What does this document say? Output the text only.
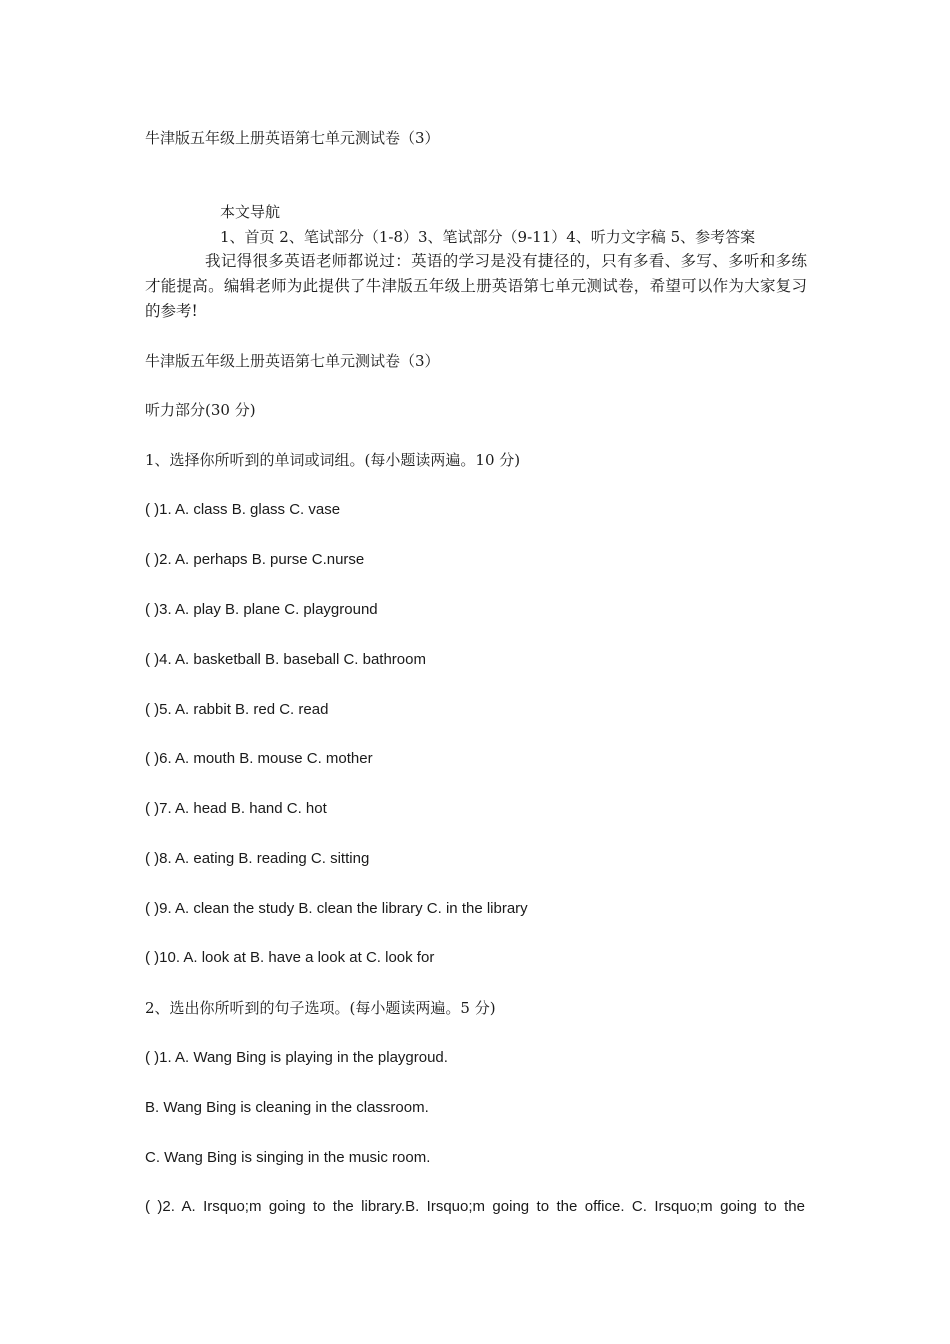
牛津版五年级上册英语第七单元测试卷（3）
本文导航
1、首页 2、笔试部分（1-8）3、笔试部分（9-11）4、听力文字稿 5、参考答案
我记得很多英语老师都说过：英语的学习是没有捷径的，只有多看、多写、多听和多练才能提高。编辑老师为此提供了牛津版五年级上册英语第七单元测试卷，希望可以作为大家复习的参考!
牛津版五年级上册英语第七单元测试卷（3）
听力部分(30 分)
1、选择你所听到的单词或词组。(每小题读两遍。10 分)
( )1. A. class B. glass C. vase
( )2. A. perhaps B. purse C.nurse
( )3. A. play B. plane C. playground
( )4. A. basketball B. baseball C. bathroom
( )5. A. rabbit B. red C. read
( )6. A. mouth B. mouse C. mother
( )7. A. head B. hand C. hot
( )8. A. eating B. reading C. sitting
( )9. A. clean the study B. clean the library C. in the library
( )10. A. look at B. have a look at C. look for
2、选出你所听到的句子选项。(每小题读两遍。5 分)
( )1. A. Wang Bing is playing in the playgroud.
B. Wang Bing is cleaning in the classroom.
C. Wang Bing is singing in the music room.
( )2. A. Irsquo;m going to the library.B. Irsquo;m going to the office. C. Irsquo;m going to the
